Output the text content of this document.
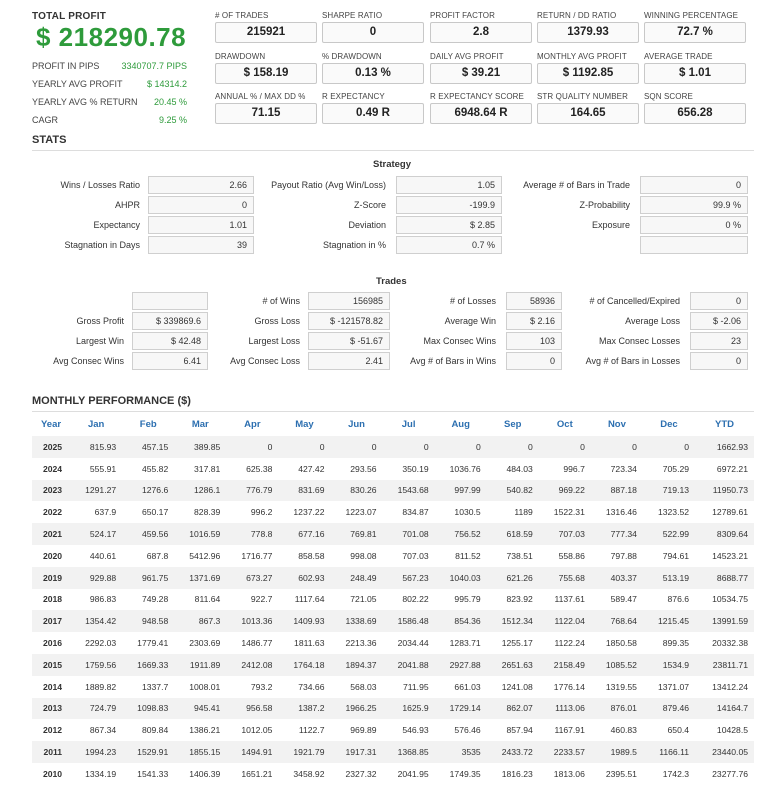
TOTAL PROFIT
$ 218290.78
PROFIT IN PIPS 3340707.7 PIPS
YEARLY AVG PROFIT	$ 14314.2
YEARLY AVG % RETURN 20.45 %
CAGR	9.25 %
# OF TRADES
215921
SHARPE RATIO
0
PROFIT FACTOR
2.8
RETURN / DD RATIO
1379.93
WINNING PERCENTAGE
72.7 %
DRAWDOWN
$ 158.19
% DRAWDOWN
0.13 %
DAILY AVG PROFIT
$ 39.21
MONTHLY AVG PROFIT
$ 1192.85
AVERAGE TRADE
$ 1.01
ANNUAL % / MAX DD %
71.15
R EXPECTANCY
0.49 R
R EXPECTANCY SCORE
6948.64 R
STR QUALITY NUMBER
164.65
SQN SCORE
656.28
STATS
Strategy
Wins / Losses Ratio	2.66	Payout Ratio (Avg Win/Loss)	1.05	Average # of Bars in Trade	0
AHPR	0	Z-Score	-199.9	Z-Probability	99.9 %
Expectancy	1.01	Deviation	$ 2.85	Exposure	0 %
Stagnation in Days	39	Stagnation in %	0.7 %
Trades
# of Wins	156985	# of Losses	58936	# of Cancelled/Expired	0
Gross Profit	$ 339869.6	Gross Loss	$ -121578.82	Average Win	$ 2.16	Average Loss	$ -2.06
Largest Win	$ 42.48	Largest Loss	$ -51.67	Max Consec Wins	103	Max Consec Losses	23
Avg Consec Wins	6.41	Avg Consec Loss	2.41	Avg # of Bars in Wins	0	Avg # of Bars in Losses	0
MONTHLY PERFORMANCE ($)
Year	Jan	Feb	Mar	Apr	May	Jun	Jul	Aug	Sep	Oct	Nov	Dec	YTD
2025	815.93	457.15	389.85	0	0	0	0	0	0	0	0	0	1662.93
2024	555.91	455.82	317.81	625.38	427.42	293.56	350.19	1036.76	484.03	996.7	723.34	705.29	6972.21
2023	1291.27	1276.6	1286.1	776.79	831.69	830.26	1543.68	997.99	540.82	969.22	887.18	719.13	11950.73
2022	637.9	650.17	828.39	996.2	1237.22	1223.07	834.87	1030.5	1189	1522.31	1316.46	1323.52	12789.61
2021	524.17	459.56	1016.59	778.8	677.16	769.81	701.08	756.52	618.59	707.03	777.34	522.99	8309.64
2020	440.61	687.8	5412.96	1716.77	858.58	998.08	707.03	811.52	738.51	558.86	797.88	794.61	14523.21
2019	929.88	961.75	1371.69	673.27	602.93	248.49	567.23	1040.03	621.26	755.68	403.37	513.19	8688.77
2018	986.83	749.28	811.64	922.7	1117.64	721.05	802.22	995.79	823.92	1137.61	589.47	876.6	10534.75
2017	1354.42	948.58	867.3	1013.36	1409.93	1338.69	1586.48	854.36	1512.34	1122.04	768.64	1215.45	13991.59
2016	2292.03	1779.41	2303.69	1486.77	1811.63	2213.36	2034.44	1283.71	1255.17	1122.24	1850.58	899.35	20332.38
2015	1759.56	1669.33	1911.89	2412.08	1764.18	1894.37	2041.88	2927.88	2651.63	2158.49	1085.52	1534.9	23811.71
2014	1889.82	1337.7	1008.01	793.2	734.66	568.03	711.95	661.03	1241.08	1776.14	1319.55	1371.07	13412.24
2013	724.79	1098.83	945.41	956.58	1387.2	1966.25	1625.9	1729.14	862.07	1113.06	876.01	879.46	14164.7
2012	867.34	809.84	1386.21	1012.05	1122.7	969.89	546.93	576.46	857.94	1167.91	460.83	650.4	10428.5
2011	1994.23	1529.91	1855.15	1494.91	1921.79	1917.31	1368.85	3535	2433.72	2233.57	1989.5	1166.11	23440.05
2010	1334.19	1541.33	1406.39	1651.21	3458.92	2327.32	2041.95	1749.35	1816.23	1813.06	2395.51	1742.3	23277.76
